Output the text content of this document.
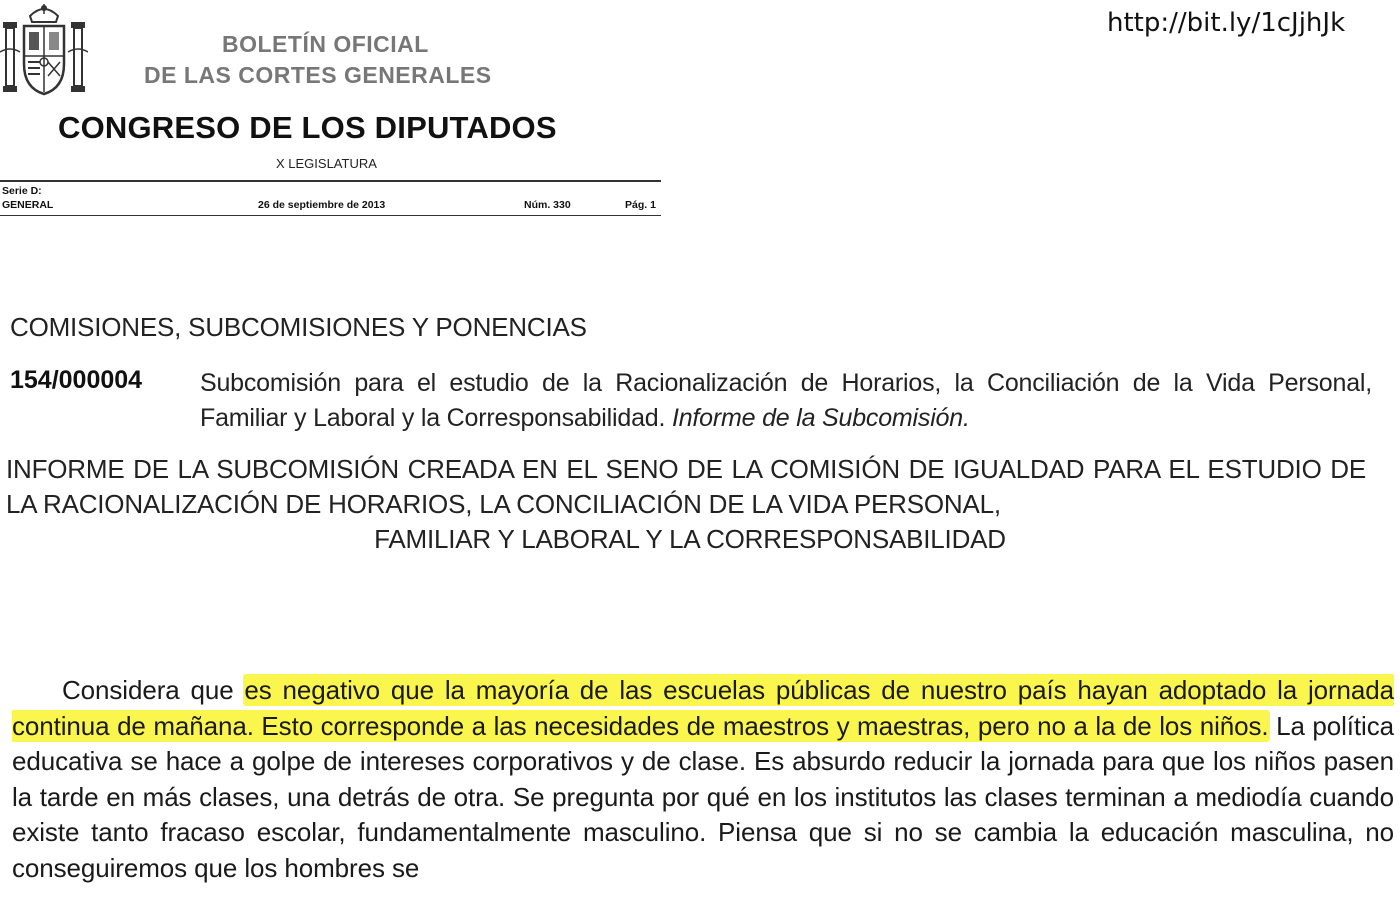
BOLETÍN OFICIAL
DE LAS CORTES GENERALES
CONGRESO DE LOS DIPUTADOS
X LEGISLATURA
Serie D:
GENERAL	26 de septiembre de 2013	Núm. 330	Pág. 1
http://bit.ly/1cJjhJk
COMISIONES, SUBCOMISIONES Y PONENCIAS
154/000004 Subcomisión para el estudio de la Racionalización de Horarios, la Conciliación de la Vida Personal, Familiar y Laboral y la Corresponsabilidad. Informe de la Subcomisión.
INFORME DE LA SUBCOMISIÓN CREADA EN EL SENO DE LA COMISIÓN DE IGUALDAD PARA EL ESTUDIO DE LA RACIONALIZACIÓN DE HORARIOS, LA CONCILIACIÓN DE LA VIDA PERSONAL,
FAMILIAR Y LABORAL Y LA CORRESPONSABILIDAD
Considera que es negativo que la mayoría de las escuelas públicas de nuestro país hayan adoptado la jornada continua de mañana. Esto corresponde a las necesidades de maestros y maestras, pero no a la de los niños. La política educativa se hace a golpe de intereses corporativos y de clase. Es absurdo reducir la jornada para que los niños pasen la tarde en más clases, una detrás de otra. Se pregunta por qué en los institutos las clases terminan a mediodía cuando existe tanto fracaso escolar, fundamentalmente masculino. Piensa que si no se cambia la educación masculina, no conseguiremos que los hombres se
